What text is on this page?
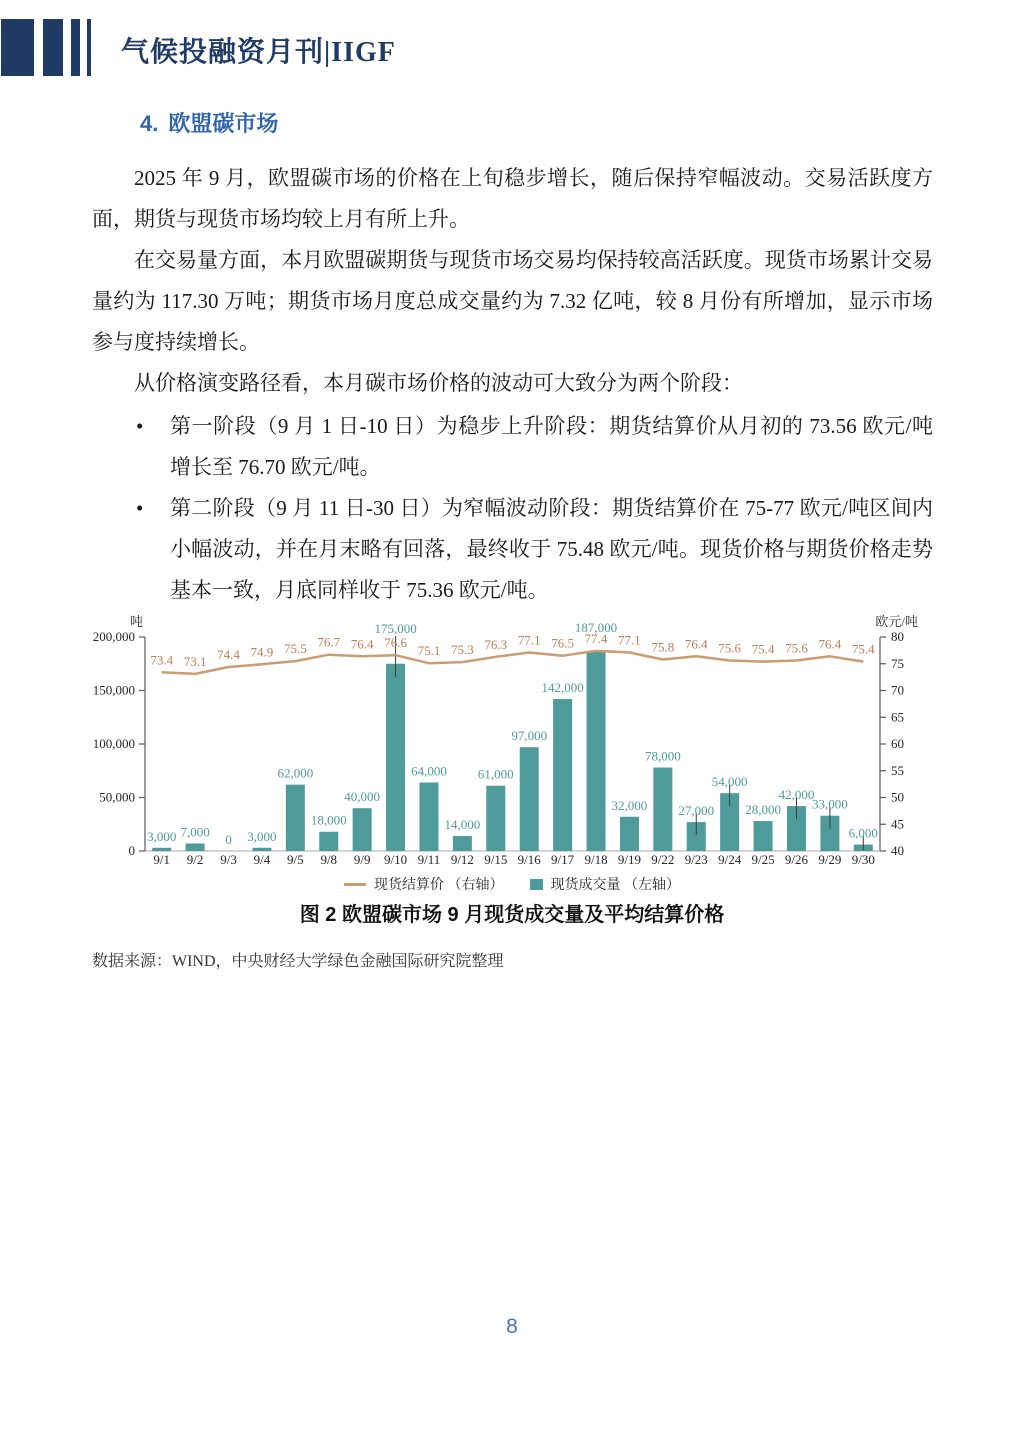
气候投融资月刊|IIGF
4. 欧盟碳市场

2025 年 9 月，欧盟碳市场的价格在上旬稳步增长，随后保持窄幅波动。交易活跃度方面，期货与现货市场均较上月有所上升。

在交易量方面，本月欧盟碳期货与现货市场交易均保持较高活跃度。现货市场累计交易量约为 117.30 万吨；期货市场月度总成交量约为 7.32 亿吨，较 8 月份有所增加，显示市场参与度持续增长。

从价格演变路径看，本月碳市场价格的波动可大致分为两个阶段：

• 第一阶段（9 月 1 日-10 日）为稳步上升阶段：期货结算价从月初的 73.56 欧元/吨增长至 76.70 欧元/吨。
• 第二阶段（9 月 11 日-30 日）为窄幅波动阶段：期货结算价在 75-77 欧元/吨区间内小幅波动，并在月末略有回落，最终收于 75.48 欧元/吨。现货价格与期货价格走势基本一致，月底同样收于 75.36 欧元/吨。
吨	欧元/吨
0
50,000
100,000
150,000
200,000
40
45
50
55
60
65
70
75
80
3,000 7,000 0 3,000
62,000
18,000
40,000
175,000
64,000
14,000
61,000
97,000
142,000
187,000
32,000
78,000
27,000
54,000
28,000
42,000
33,000
6,000
9/1 9/2 9/3 9/4 9/5 9/8 9/9 9/10 9/11 9/12 9/15 9/16 9/17 9/18 9/19 9/22 9/23 9/24 9/25 9/26 9/29 9/30
73.4 73.1 74.4 74.9 75.5 76.7 76.4 76.6
75.1 75.3 76.3 77.1 76.5 77.4 77.1 75.8 76.4 75.6 75.4 75.6 76.4 75.4
现货结算价 （右轴）	现货成交量 （左轴）
图 2 欧盟碳市场 9 月现货成交量及平均结算价格

数据来源：WIND，中央财经大学绿色金融国际研究院整理

8
